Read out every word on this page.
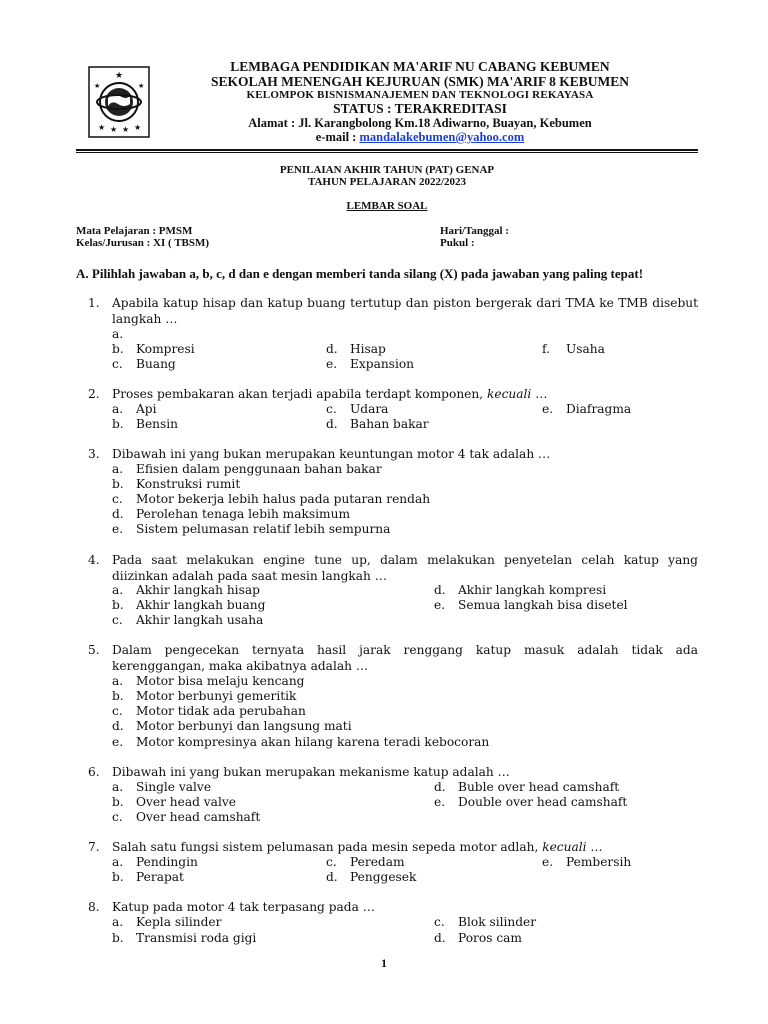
★
★ ★ ★ ★
★	★
LEMBAGA PENDIDIKAN MA'ARIF NU CABANG KEBUMEN
SEKOLAH MENENGAH KEJURUAN (SMK) MA'ARIF 8 KEBUMEN
KELOMPOK BISNISMANAJEMEN DAN TEKNOLOGI REKAYASA
STATUS : TERAKREDITASI
Alamat : Jl. Karangbolong Km.18 Adiwarno, Buayan, Kebumen
e-mail : mandalakebumen@yahoo.com
PENILAIAN AKHIR TAHUN (PAT) GENAP
TAHUN PELAJARAN 2022/2023
LEMBAR SOAL
Mata Pelajaran : PMSM
Kelas/Jurusan : XI ( TBSM)
Hari/Tanggal :
Pukul :
A. Pilihlah jawaban a, b, c, d dan e dengan memberi tanda silang (X) pada jawaban yang paling tepat!
1. Apabila katup hisap dan katup buang tertutup dan piston bergerak dari TMA ke TMB disebut langkah …
a.
b. Kompresi
c. Buang
d. Hisap
e. Expansion
f. Usaha
2. Proses pembakaran akan terjadi apabila terdapt komponen, kecuali …
a. Api
b. Bensin
c. Udara
d. Bahan bakar
e. Diafragma
3. Dibawah ini yang bukan merupakan keuntungan motor 4 tak adalah …
a. Efisien dalam penggunaan bahan bakar
b. Konstruksi rumit
c. Motor bekerja lebih halus pada putaran rendah
d. Perolehan tenaga lebih maksimum
e. Sistem pelumasan relatif lebih sempurna
4. Pada saat melakukan engine tune up, dalam melakukan penyetelan celah katup yang diizinkan adalah pada saat mesin langkah …
a. Akhir langkah hisap
b. Akhir langkah buang
c. Akhir langkah usaha
d. Akhir langkah kompresi
e. Semua langkah bisa disetel
5. Dalam pengecekan ternyata hasil jarak renggang katup masuk adalah tidak ada kerenggangan, maka akibatnya adalah …
a. Motor bisa melaju kencang
b. Motor berbunyi gemeritik
c. Motor tidak ada perubahan
d. Motor berbunyi dan langsung mati
e. Motor kompresinya akan hilang karena teradi kebocoran
6. Dibawah ini yang bukan merupakan mekanisme katup adalah …
a. Single valve
b. Over head valve
c. Over head camshaft
d. Buble over head camshaft
e. Double over head camshaft
7. Salah satu fungsi sistem pelumasan pada mesin sepeda motor adlah, kecuali …
a. Pendingin
b. Perapat
c. Peredam
d. Penggesek
e. Pembersih
8. Katup pada motor 4 tak terpasang pada …
a. Kepla silinder
b. Transmisi roda gigi
c. Blok silinder
d. Poros cam
1
